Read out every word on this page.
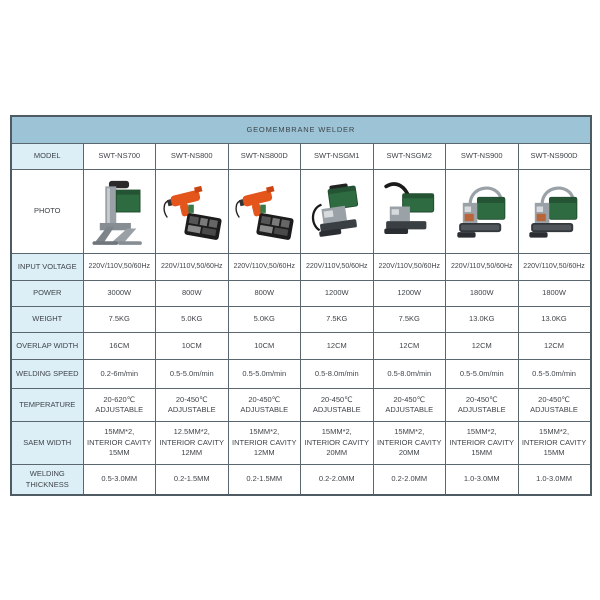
GEOMEMBRANE WELDER							
MODEL	SWT-NS700	SWT-NS800	SWT-NS800D	SWT-NSGM1	SWT-NSGM2	SWT-NS900	SWT-NS900D
PHOTO	

INPUT VOLTAGE	220V/110V,50/60Hz	220V/110V,50/60Hz	220V/110V,50/60Hz	220V/110V,50/60Hz	220V/110V,50/60Hz	220V/110V,50/60Hz	220V/110V,50/60Hz
POWER	3000W	800W	800W	1200W	1200W	1800W	1800W
WEIGHT	7.5KG	5.0KG	5.0KG	7.5KG	7.5KG	13.0KG	13.0KG
OVERLAP WIDTH	16CM	10CM	10CM	12CM	12CM	12CM	12CM
WELDING SPEED	0.2-6m/min	0.5-5.0m/min	0.5-5.0m/min	0.5-8.0m/min	0.5-8.0m/min	0.5-5.0m/min	0.5-5.0m/min
TEMPERATURE	20-620℃ ADJUSTABLE	20-450℃ ADJUSTABLE	20-450℃ ADJUSTABLE	20-450℃ ADJUSTABLE	20-450℃ ADJUSTABLE	20-450℃ ADJUSTABLE	20-450℃ ADJUSTABLE
SAEM WIDTH	15MM*2, INTERIOR CAVITY 15MM	12.5MM*2, INTERIOR CAVITY 12MM	15MM*2, INTERIOR CAVITY 12MM	15MM*2, INTERIOR CAVITY 20MM	15MM*2, INTERIOR CAVITY 20MM	15MM*2, INTERIOR CAVITY 15MM	15MM*2, INTERIOR CAVITY 15MM
WELDING THICKNESS	0.5-3.0MM	0.2-1.5MM	0.2-1.5MM	0.2-2.0MM	0.2-2.0MM	1.0-3.0MM	1.0-3.0MM
